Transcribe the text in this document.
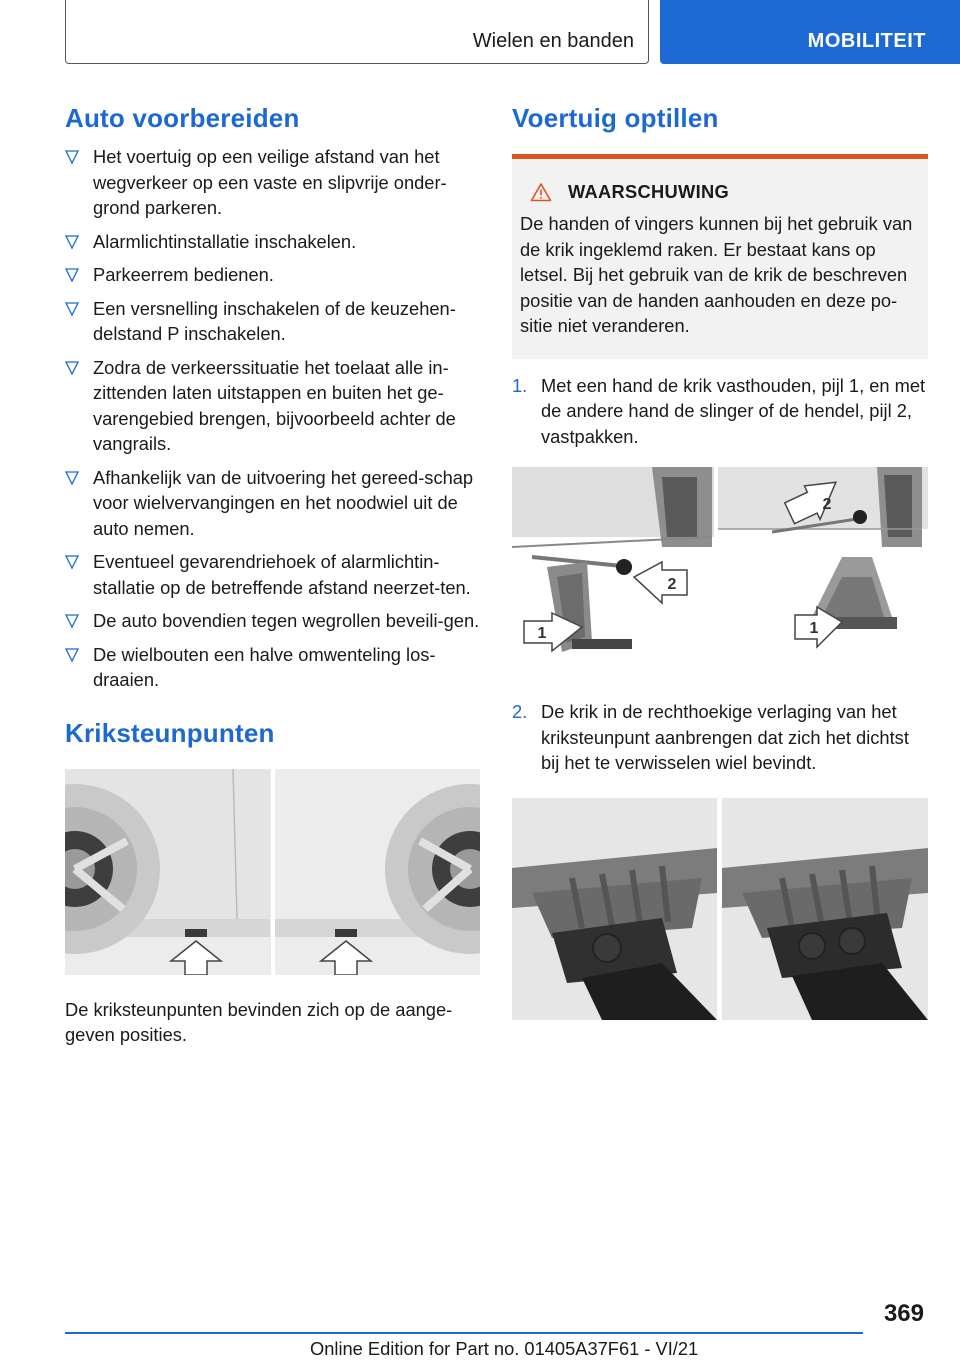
Wielen en banden	MOBILITEIT
Auto voorbereiden
Het voertuig op een veilige afstand van het wegverkeer op een vaste en slipvrije onder-grond parkeren.
Alarmlichtinstallatie inschakelen.
Parkeerrem bedienen.
Een versnelling inschakelen of de keuzehen-delstand P inschakelen.
Zodra de verkeerssituatie het toelaat alle in-zittenden laten uitstappen en buiten het ge-varengebied brengen, bijvoorbeeld achter de vangrails.
Afhankelijk van de uitvoering het gereed-schap voor wielvervangingen en het noodwiel uit de auto nemen.
Eventueel gevarendriehoek of alarmlichtin-stallatie op de betreffende afstand neerzet-ten.
De auto bovendien tegen wegrollen beveili-gen.
De wielbouten een halve omwenteling los-draaien.
Kriksteunpunten

De kriksteunpunten bevinden zich op de aange-geven posities.

Voertuig optillen
WAARSCHUWING

De handen of vingers kunnen bij het gebruik van de krik ingeklemd raken. Er bestaat kans op letsel. Bij het gebruik van de krik de beschreven positie van de handen aanhouden en deze po-sitie niet veranderen.

1. Met een hand de krik vasthouden, pijl 1, en met de andere hand de slinger of de hendel, pijl 2, vastpakken.
2
1
2
1
2. De krik in de rechthoekige verlaging van het kriksteunpunt aanbrengen dat zich het dichtst bij het te verwisselen wiel bevindt.
369
Online Edition for Part no. 01405A37F61 - VI/21
